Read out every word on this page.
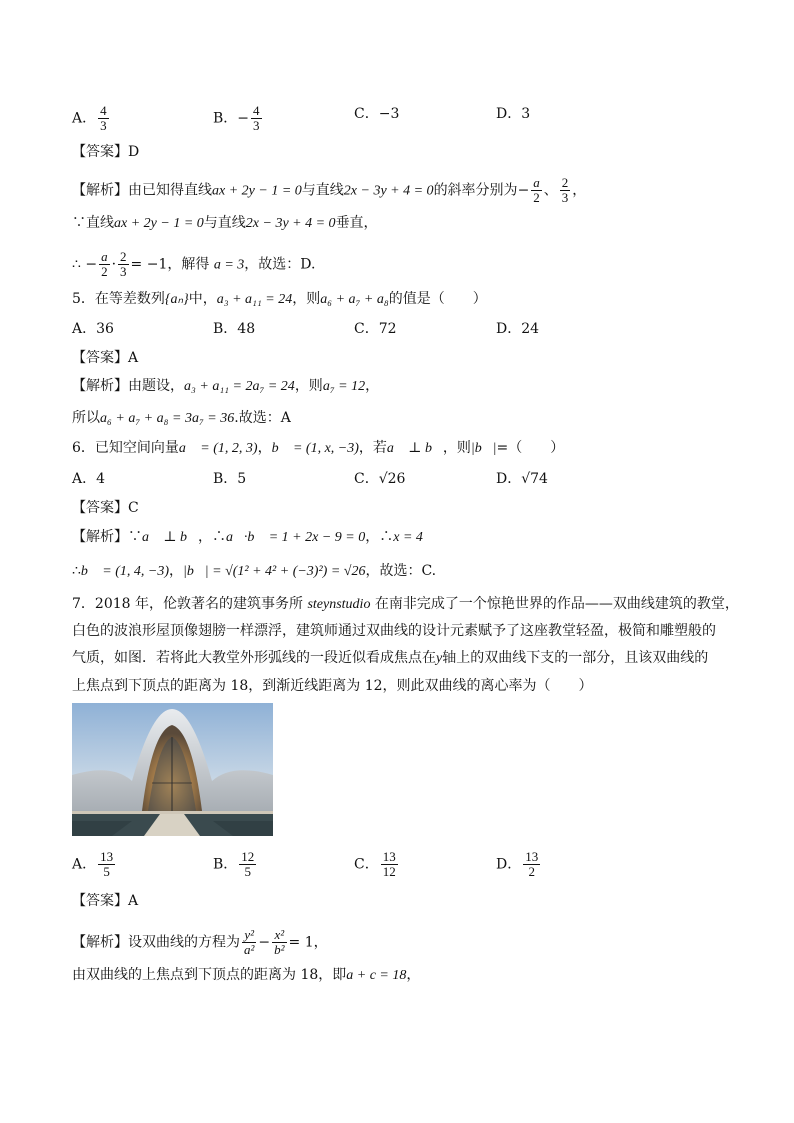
A． $\frac{4}{3}$	B．− $\frac{4}{3}$	C．−3	D．3
【答案】D
【解析】由已知得直线ax + 2y − 1 = 0与直线2x − 3y + 4 = 0的斜率分别为− $\frac{a}{2}$ 、 $\frac{2}{3}$ ，
∵直线ax + 2y − 1 = 0与直线2x − 3y + 4 = 0垂直，
∴ − $\frac{a}{2} \cdot \frac{2}{3} = -1$，解得 a = 3，故选：D.
5．在等差数列{aₙ}中，a₃ + a₁₁ = 24，则a₆ + a₇ + a₈的值是（　　）
A．36	B．48	C．72	D．24
【答案】A
【解析】由题设，a₃ + a₁₁ = 2a₇ = 24，则a₇ = 12，
所以a₆ + a₇ + a₈ = 3a₇ = 36.故选：A
6．已知空间向量a⃗ = (1, 2, 3)，b⃗ = (1, x, −3)，若a⃗ ⊥ b⃗，则|b⃗|=（　　）
A．4	B．5	C．√26	D．√74
【答案】C
【解析】∵a⃗ ⊥ b⃗，∴a⃗·b⃗ = 1 + 2x − 9 = 0，∴x = 4
∴b⃗ = (1, 4, −3)，|b⃗| = √(1² + 4² + (−3)²) = √26，故选：C.
7．2018 年，伦敦著名的建筑事务所 steynstudio 在南非完成了一个惊艳世界的作品——双曲线建筑的教堂，
白色的波浪形屋顶像翅膀一样漂浮，建筑师通过双曲线的设计元素赋予了这座教堂轻盈，极简和雕塑般的
气质，如图．若将此大教堂外形弧线的一段近似看成焦点在y轴上的双曲线下支的一部分，且该双曲线的
上焦点到下顶点的距离为 18，到渐近线距离为 12，则此双曲线的离心率为（　　）
A． $\frac{13}{5}$	B． $\frac{12}{5}$	C． $\frac{13}{12}$	D． $\frac{13}{2}$
【答案】A
【解析】设双曲线的方程为 $\frac{\text{y²}}{\text{a²}} - \frac{\text{x²}}{\text{b²}} = 1$，
由双曲线的上焦点到下顶点的距离为 18，即a + c = 18，
